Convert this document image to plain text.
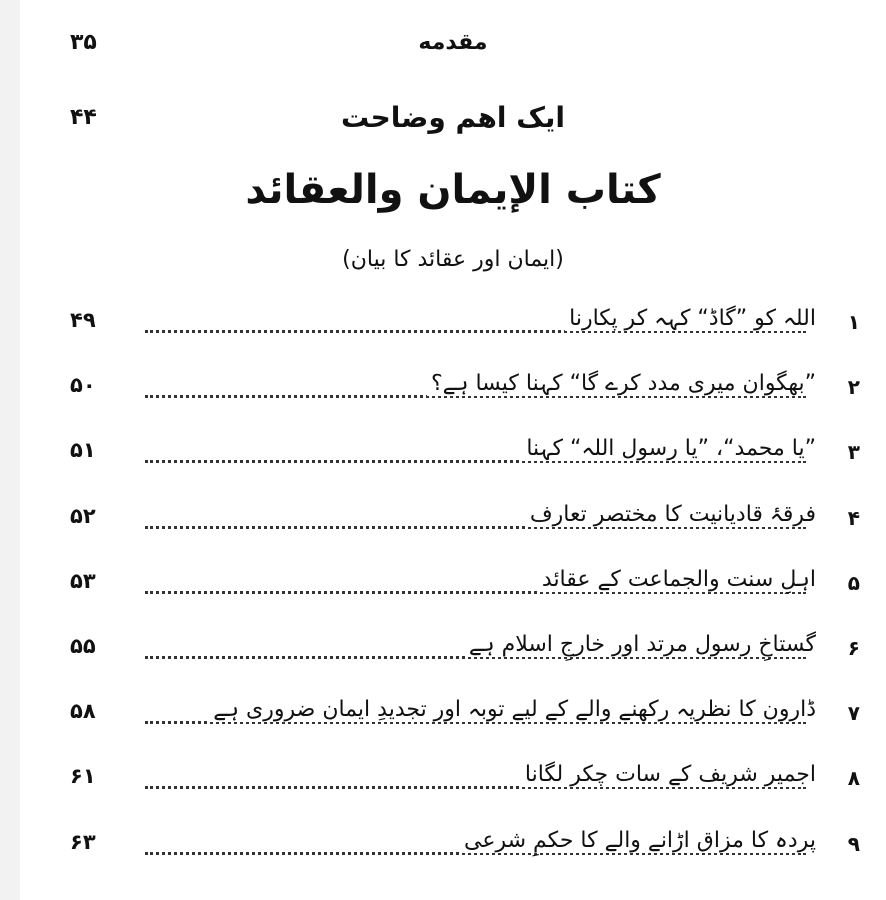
۳۵	مقدمه
۴۴	ایک اهم وضاحت
كتاب الإيمان والعقائد
(ایمان اور عقائد کا بیان)
۱
اللہ کو ”گاڈ“ کہہ کر پکارنا
۴۹
۲
”بھگوان میری مدد کرے گا“ کہنا کیسا ہے؟
۵۰
۳
”یا محمد“، ”یا رسول اللہ“ کہنا
۵۱
۴
فرقۂ قادیانیت کا مختصر تعارف
۵۲
۵
اہلِ سنت والجماعت کے عقائد
۵۳
۶
گستاخِ رسول مرتد اور خارجِ اسلام ہے
۵۵
۷
ڈارون کا نظریہ رکھنے والے کے لیے توبہ اور تجدیدِ ایمان ضروری ہے
۵۸
۸
اجمیر شریف کے سات چکر لگانا
۶۱
۹
پردہ کا مزاق اڑانے والے کا حکمِ شرعی
۶۳
